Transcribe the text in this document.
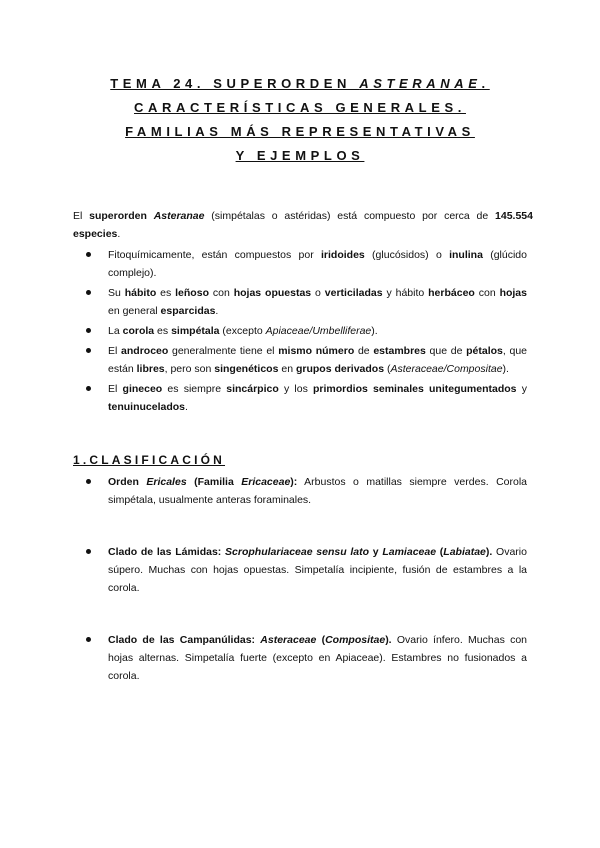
TEMA 24. SUPERORDEN ASTERANAE.
CARACTERÍSTICAS GENERALES.
FAMILIAS MÁS REPRESENTATIVAS
Y EJEMPLOS

El superorden Asteranae (simpétalas o astéridas) está compuesto por cerca de 145.554 especies.

Fitoquímicamente, están compuestos por iridoides (glucósidos) o inulina (glúcido complejo).
Su hábito es leñoso con hojas opuestas o verticiladas y hábito herbáceo con hojas en general esparcidas.
La corola es simpétala (excepto Apiaceae/Umbelliferae).
El androceo generalmente tiene el mismo número de estambres que de pétalos, que están libres, pero son singenéticos en grupos derivados (Asteraceae/Compositae).
El gineceo es siempre sincárpico y los primordios seminales unitegumentados y tenuinucelados.
1.CLASIFICACIÓN
Orden Ericales (Familia Ericaceae): Arbustos o matillas siempre verdes. Corola simpétala, usualmente anteras foraminales.
Clado de las Lámidas: Scrophulariaceae sensu lato y Lamiaceae (Labiatae). Ovario súpero. Muchas con hojas opuestas. Simpetalía incipiente, fusión de estambres a la corola.
Clado de las Campanúlidas: Asteraceae (Compositae). Ovario ínfero. Muchas con hojas alternas. Simpetalía fuerte (excepto en Apiaceae). Estambres no fusionados a corola.
